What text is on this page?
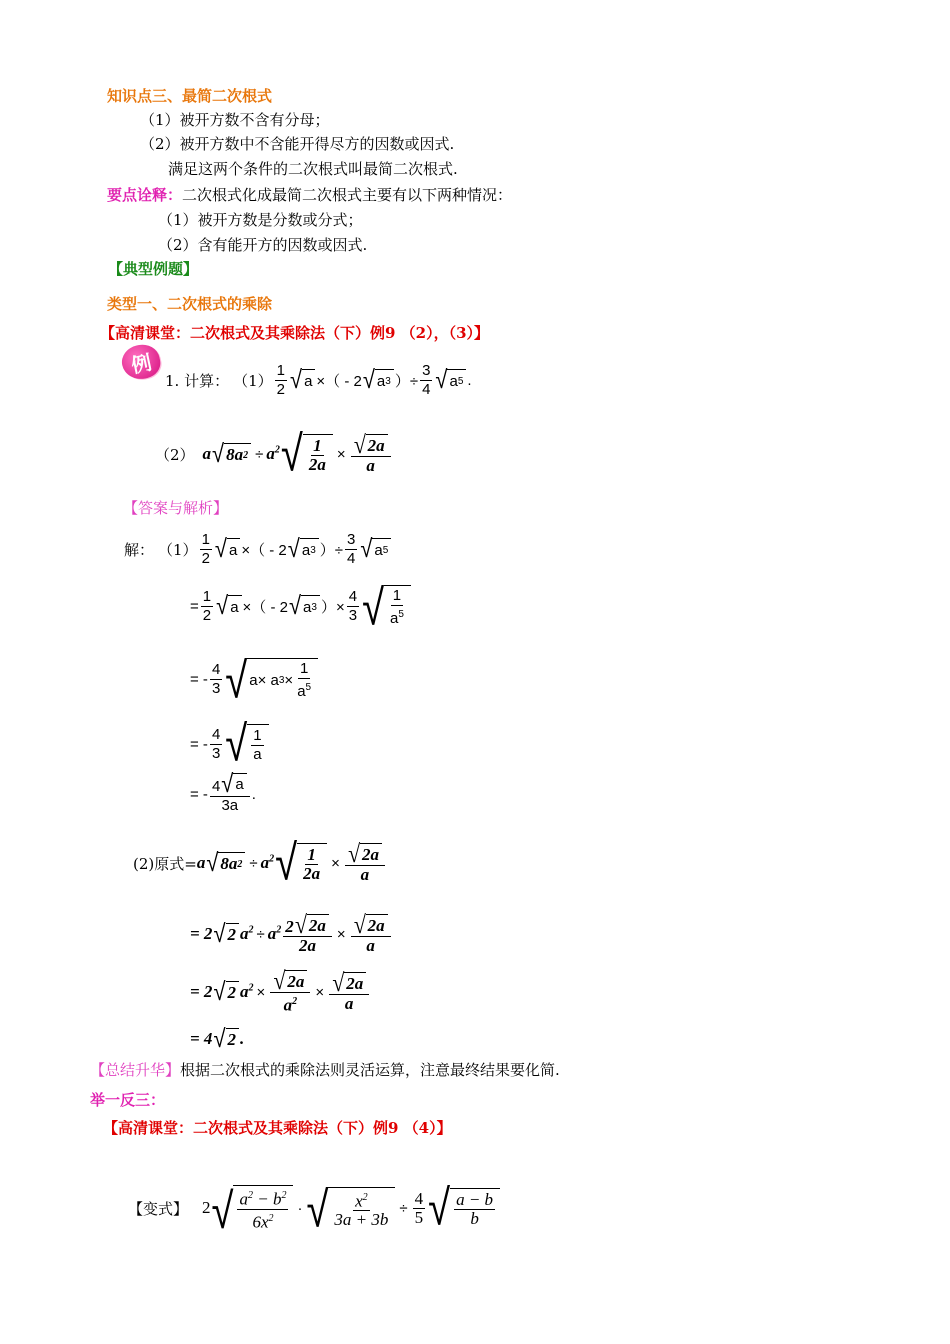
知识点三、最简二次根式
（1）被开方数不含有分母；
（2）被开方数中不含能开得尽方的因数或因式.
满足这两个条件的二次根式叫最简二次根式.
要点诠释：二次根式化成最简二次根式主要有以下两种情况：
（1）被开方数是分数或分式；
（2）含有能开方的因数或因式.
【典型例题】
类型一、二次根式的乘除
【高清课堂：二次根式及其乘除法（下）例9 （2），（3）】
例
1. 计算： $(1) \frac{1}{2}$ √ a ×（ - 2 √ a 3 ）÷ $\frac{3}{4}$ √ a 5 .
（2） a √ 8a $2 \div a^2$ √ $\frac{1}{2a} \times \frac{√ 2a}{a}$
【答案与解析】
解： $(1) \frac{1}{2}$ √ a ×（ - 2 √ a 3 ）÷ $\frac{3}{4}$ √ a 5
= $\frac{1}{2}$ √ a ×（ - 2 √ a 3 ）× $\frac{4}{3}$ √ $\frac{1}{a^5}$
= - $\frac{4}{3}$ √ a× a $3 \times \frac{1}{a^5}$
= - $\frac{4}{3}$ √ $\frac{1}{a}$
= - $\frac{4 √ a}{3a}$ .
(2)原式= a √ 8a $2 \div a^2$ √ $\frac{1}{2a} \times \frac{√ 2a}{a}$
= 2 √ 2 $a^2 \div a^2 \frac{2 √ 2a}{2a} \times \frac{√ 2a}{a}$
= 2 √ 2 $a^2 \times \frac{√ 2a}{a^2} \times \frac{√ 2a}{a}$
= 4 √ 2 .
【总结升华】根据二次根式的乘除法则灵活运算，注意最终结果要化简.
举一反三：
【高清课堂：二次根式及其乘除法（下）例9 （4）】
【变式】 2 √ $\frac{a^2 - b^2}{6x^2}$ · √ $\frac{x^2}{3a + 3b} \div \frac{4}{5}$ √ $\frac{a - b}{b}$
